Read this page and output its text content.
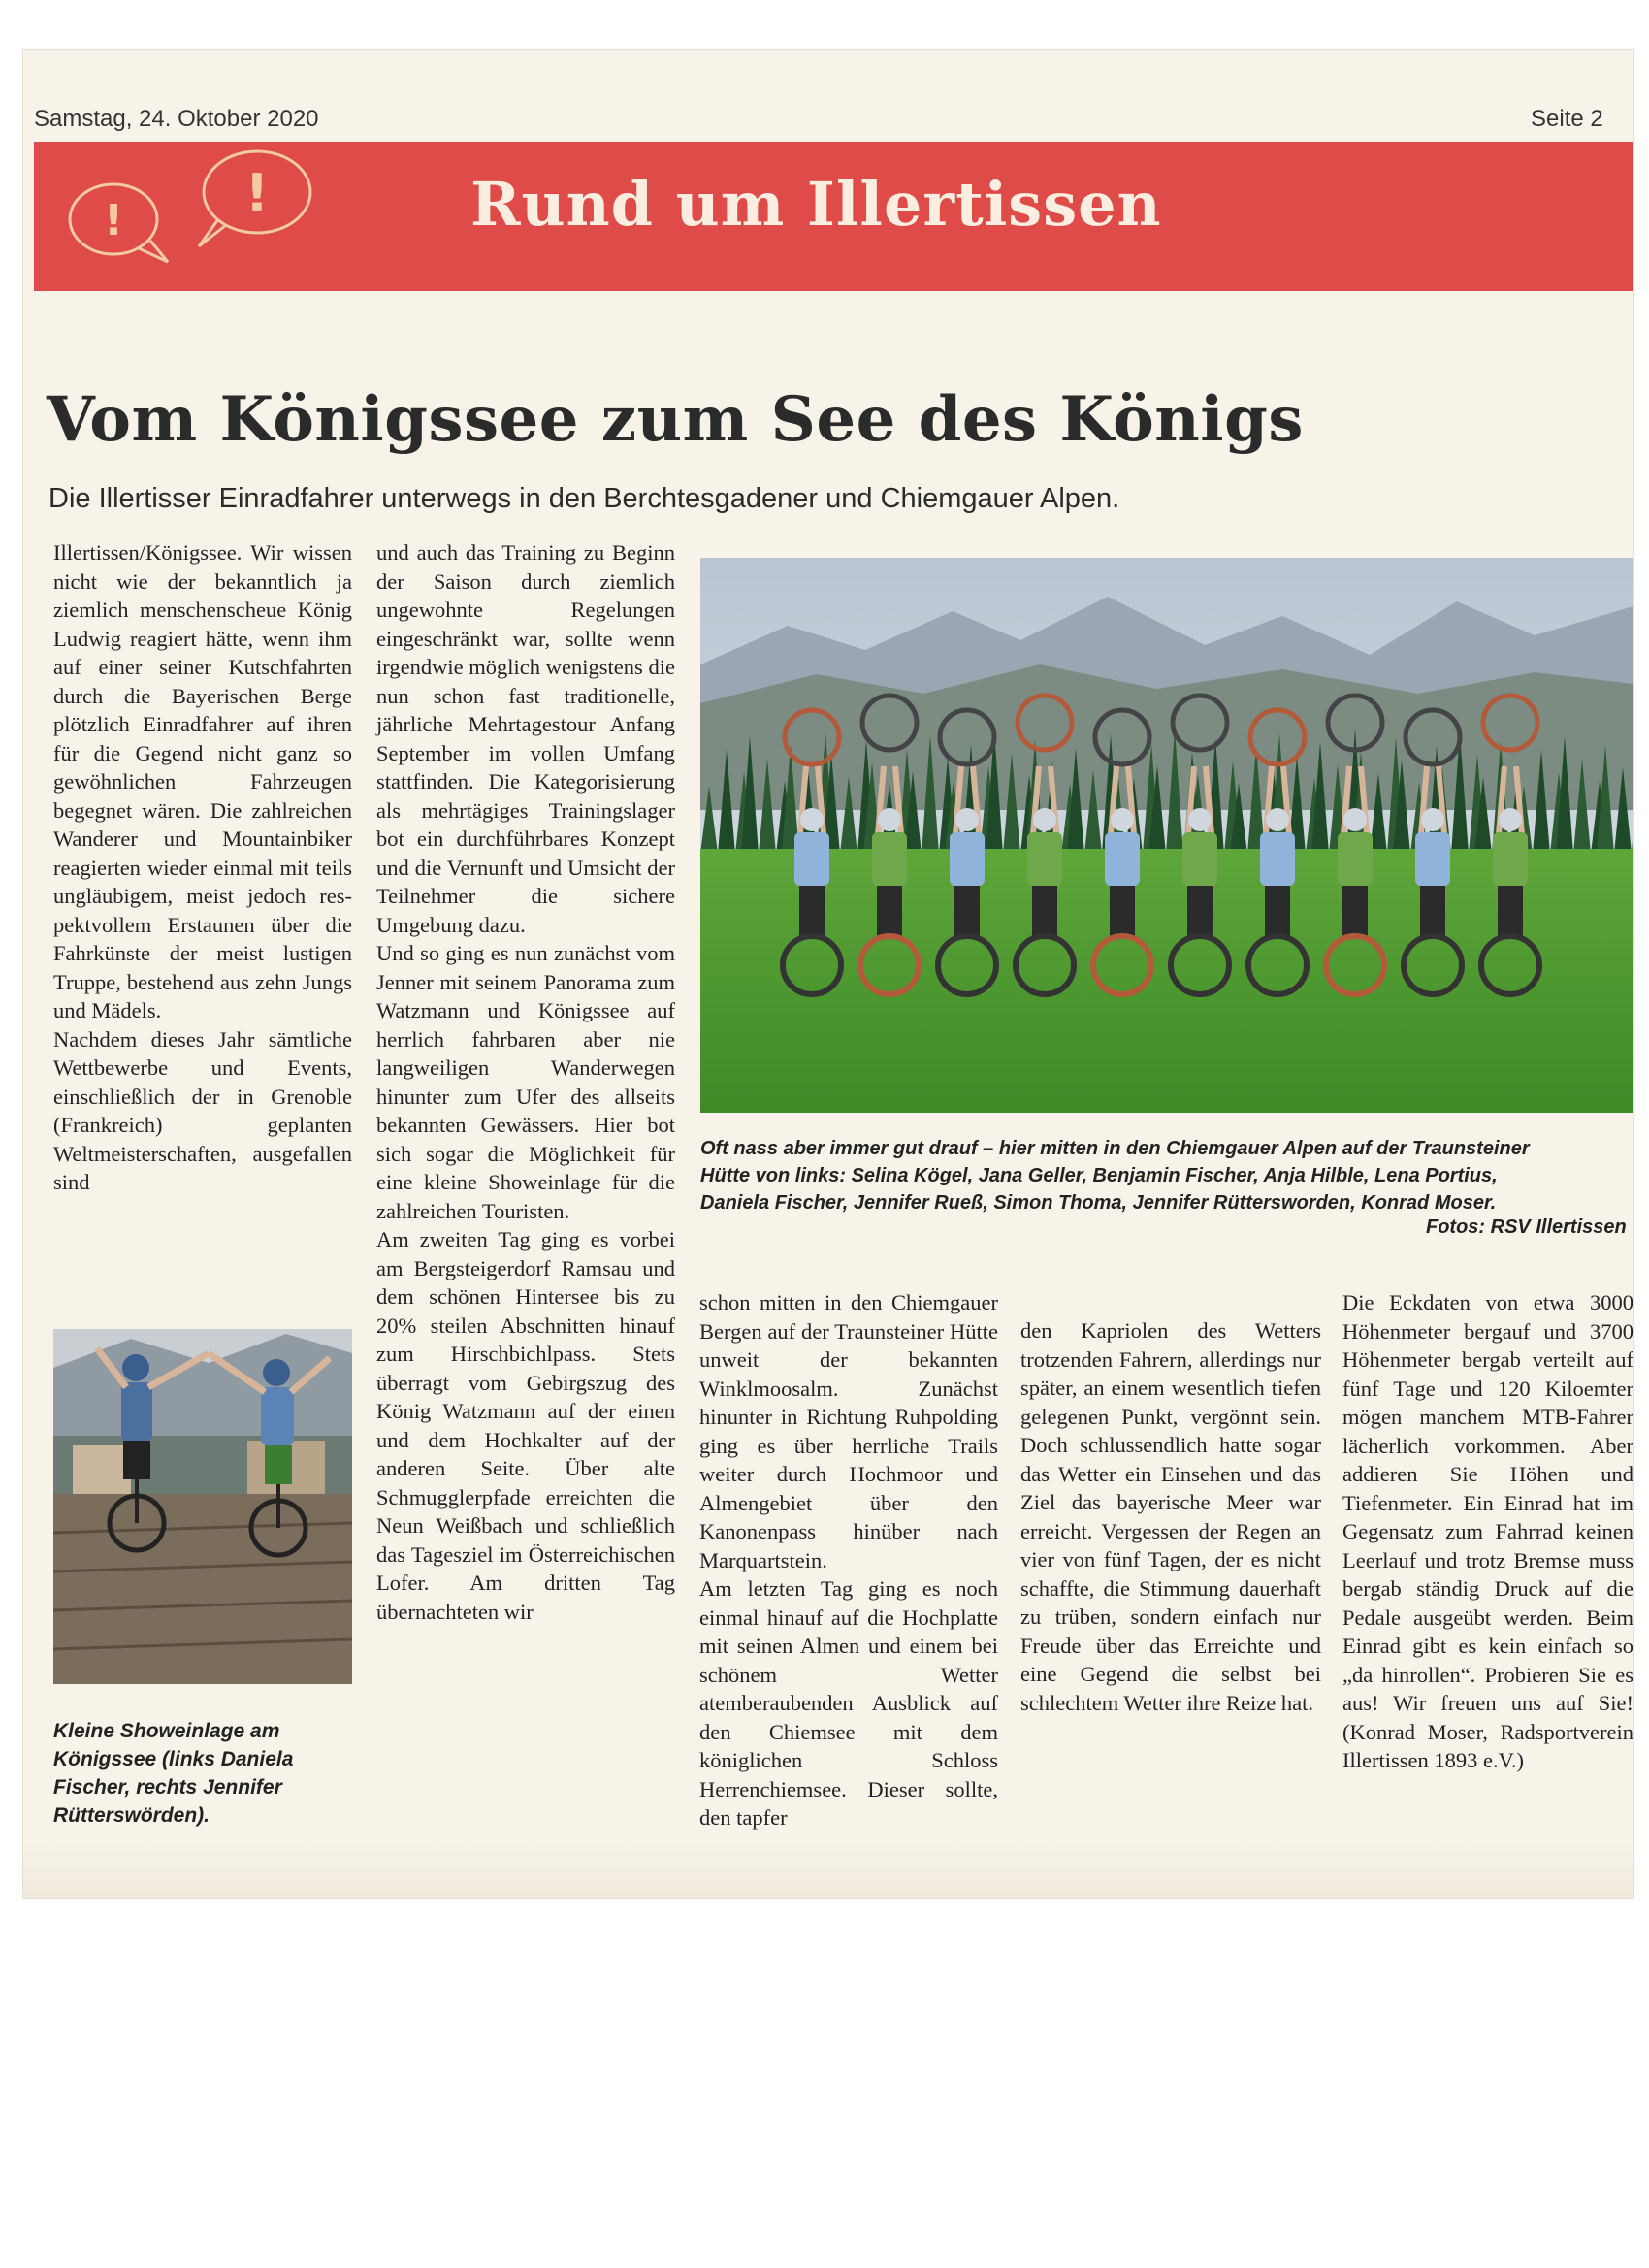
Samstag, 24. Oktober 2020	Seite 2
! !	Rund um Illertissen
Vom Königssee zum See des Königs
Die Illertisser Einradfahrer unterwegs in den Berchtesgadener und Chiemgauer Alpen.

Illertissen/Königssee. Wir wissen nicht wie der bekanntlich ja ziemlich menschenscheue König Ludwig reagiert hätte, wenn ihm auf einer seiner Kutschfahrten durch die Bayerischen Berge plötzlich Einradfahrer auf ihren für die Gegend nicht ganz so gewöhnlichen Fahrzeugen begegnet wären. Die zahlreichen Wanderer und Mountainbiker reagierten wieder einmal mit teils ungläubigem, meist jedoch res-pektvollem Erstaunen über die Fahrkünste der meist lustigen Truppe, bestehend aus zehn Jungs und Mädels.

Nachdem dieses Jahr sämtliche Wettbewerbe und Events, einschließlich der in Grenoble (Frankreich) geplanten Weltmeisterschaften, ausgefallen sind

und auch das Training zu Beginn der Saison durch ziemlich ungewohnte Regelungen eingeschränkt war, sollte wenn irgendwie möglich wenigstens die nun schon fast traditionelle, jährliche Mehrtagestour Anfang September im vollen Umfang stattfinden. Die Kategorisierung als mehrtägiges Trainingslager bot ein durchführbares Konzept und die Vernunft und Umsicht der Teilnehmer die sichere Umgebung dazu.

Und so ging es nun zunächst vom Jenner mit seinem Panorama zum Watzmann und Königssee auf herrlich fahrbaren aber nie langweiligen Wanderwegen hinunter zum Ufer des allseits bekannten Gewässers. Hier bot sich sogar die Möglichkeit für eine kleine Showeinlage für die zahlreichen Touristen.

Am zweiten Tag ging es vorbei am Bergsteigerdorf Ramsau und dem schönen Hintersee bis zu 20% steilen Abschnitten hinauf zum Hirschbichlpass. Stets überragt vom Gebirgszug des König Watzmann auf der einen und dem Hochkalter auf der anderen Seite. Über alte Schmugglerpfade erreichten die Neun Weißbach und schließlich das Tagesziel im Österreichischen Lofer. Am dritten Tag übernachteten wir

schon mitten in den Chiemgauer Bergen auf der Traunsteiner Hütte unweit der bekannten Winklmoosalm. Zunächst hinunter in Richtung Ruhpolding ging es über herrliche Trails weiter durch Hochmoor und Almengebiet über den Kanonenpass hinüber nach Marquartstein.

Am letzten Tag ging es noch einmal hinauf auf die Hochplatte mit seinen Almen und einem bei schönem Wetter atemberaubenden Ausblick auf den Chiemsee mit dem königlichen Schloss Herrenchiemsee. Dieser sollte, den tapfer

den Kapriolen des Wetters trotzenden Fahrern, allerdings nur später, an einem wesentlich tiefen gelegenen Punkt, vergönnt sein. Doch schlussendlich hatte sogar das Wetter ein Einsehen und das Ziel das bayerische Meer war erreicht. Vergessen der Regen an vier von fünf Tagen, der es nicht schaffte, die Stimmung dauerhaft zu trüben, sondern einfach nur Freude über das Erreichte und eine Gegend die selbst bei schlechtem Wetter ihre Reize hat.

Die Eckdaten von etwa 3000 Höhenmeter bergauf und 3700 Höhenmeter bergab verteilt auf fünf Tage und 120 Kiloemter mögen manchem MTB-Fahrer lächerlich vorkommen. Aber addieren Sie Höhen und Tiefenmeter. Ein Einrad hat im Gegensatz zum Fahrrad keinen Leerlauf und trotz Bremse muss bergab ständig Druck auf die Pedale ausgeübt werden. Beim Einrad gibt es kein einfach so „da hinrollen“. Probieren Sie es aus! Wir freuen uns auf Sie! (Konrad Moser, Radsportverein Illertissen 1893 e.V.)

Oft nass aber immer gut drauf – hier mitten in den Chiemgauer Alpen auf der Traunsteiner Hütte von links: Selina Kögel, Jana Geller, Benjamin Fischer, Anja Hilble, Lena Portius, Daniela Fischer, Jennifer Rueß, Simon Thoma, Jennifer Rüttersworden, Konrad Moser.
Fotos: RSV Illertissen
Kleine Showeinlage am Königssee (links Daniela Fischer, rechts Jennifer Rütterswörden).
